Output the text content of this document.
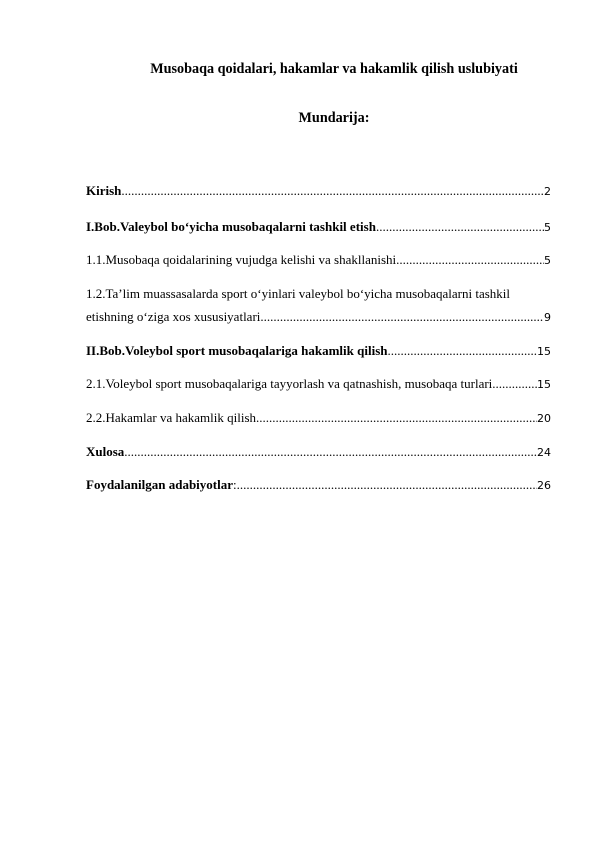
Musobaqa qoidalari, hakamlar va hakamlik qilish uslubiyati
Mundarija:
Kirish .....	2
I.Bob.Valeybol bo‘yicha musobaqalarni tashkil etish .....	5
1.1.Musobaqa qoidalarining vujudga kelishi va shakllanishi .....	5
1.2.Ta’lim muassasalarda sport o‘yinlari valeybol bo‘yicha musobaqalarni tashkil
etishning o‘ziga xos xususiyatlari .....	9
II.Bob.Voleybol sport musobaqalariga hakamlik qilish .....	15
2.1.Voleybol sport musobaqalariga tayyorlash va qatnashish, musobaqa turlari .....	15
2.2.Hakamlar va hakamlik qilish .....	20
Xulosa .....	24
Foydalanilgan adabiyotlar : .....	26
